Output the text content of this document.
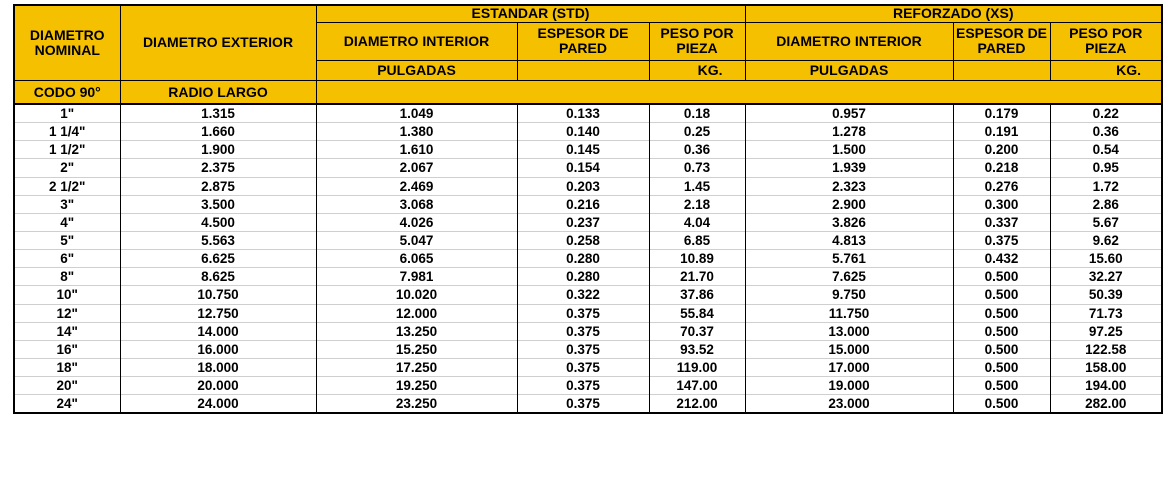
DIAMETRO NOMINAL	DIAMETRO EXTERIOR	ESTANDAR (STD)			REFORZADO (XS)		
		DIAMETRO INTERIOR	ESPESOR DE PARED	PESO POR PIEZA	DIAMETRO INTERIOR	ESPESOR DE PARED	PESO POR PIEZA
		PULGADAS		KG.	PULGADAS		KG.
CODO 90°	RADIO LARGO						
1"	1.315	1.049	0.133	0.18	0.957	0.179	0.22
1 1/4"	1.660	1.380	0.140	0.25	1.278	0.191	0.36
1 1/2"	1.900	1.610	0.145	0.36	1.500	0.200	0.54
2"	2.375	2.067	0.154	0.73	1.939	0.218	0.95
2 1/2"	2.875	2.469	0.203	1.45	2.323	0.276	1.72
3"	3.500	3.068	0.216	2.18	2.900	0.300	2.86
4"	4.500	4.026	0.237	4.04	3.826	0.337	5.67
5"	5.563	5.047	0.258	6.85	4.813	0.375	9.62
6"	6.625	6.065	0.280	10.89	5.761	0.432	15.60
8"	8.625	7.981	0.280	21.70	7.625	0.500	32.27
10"	10.750	10.020	0.322	37.86	9.750	0.500	50.39
12"	12.750	12.000	0.375	55.84	11.750	0.500	71.73
14"	14.000	13.250	0.375	70.37	13.000	0.500	97.25
16"	16.000	15.250	0.375	93.52	15.000	0.500	122.58
18"	18.000	17.250	0.375	119.00	17.000	0.500	158.00
20"	20.000	19.250	0.375	147.00	19.000	0.500	194.00
24"	24.000	23.250	0.375	212.00	23.000	0.500	282.00
